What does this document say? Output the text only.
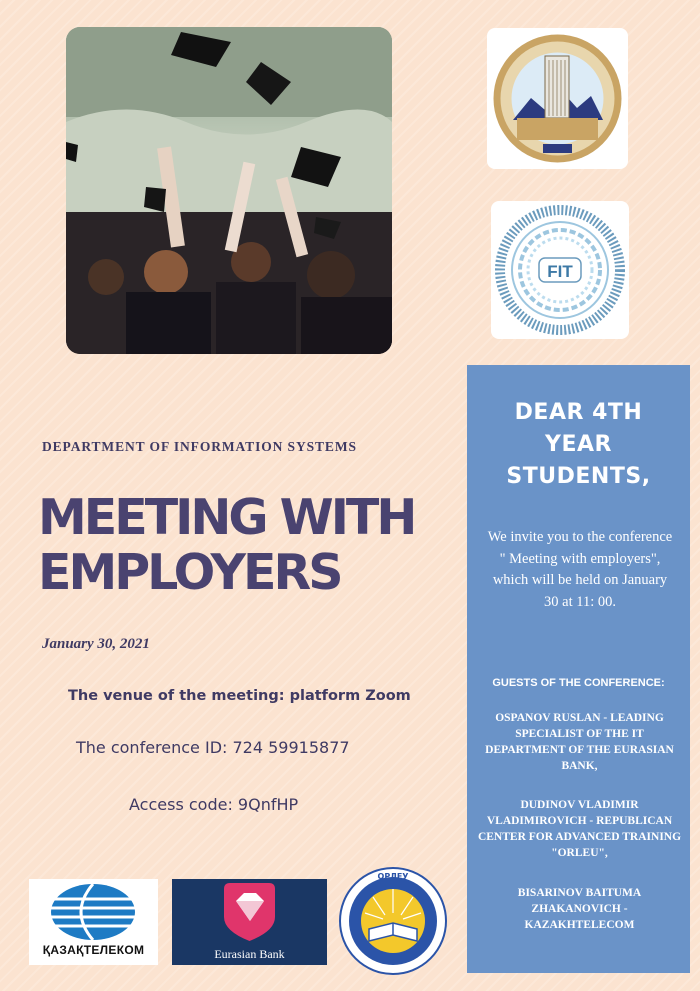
FIT
DEAR 4TH
YEAR
STUDENTS,
We invite you to the conference " Meeting with employers", which will be held on January 30 at 11: 00.
GUESTS OF THE CONFERENCE:
OSPANOV RUSLAN - LEADING SPECIALIST OF THE IT DEPARTMENT OF THE EURASIAN BANK,
DUDINOV VLADIMIR VLADIMIROVICH - REPUBLICAN CENTER FOR ADVANCED TRAINING "ORLEU",
BISARINOV BAITUMA ZHAKANOVICH - KAZAKHTELECOM
DEPARTMENT OF INFORMATION SYSTEMS
MEETING WITH
EMPLOYERS
January 30, 2021
The venue of the meeting: platform Zoom
The conference ID: 724 59915877
Access code: 9QnfHP
ҚАЗАҚТЕЛЕКОМ	Eurasian Bank
ОРЛЕУ
